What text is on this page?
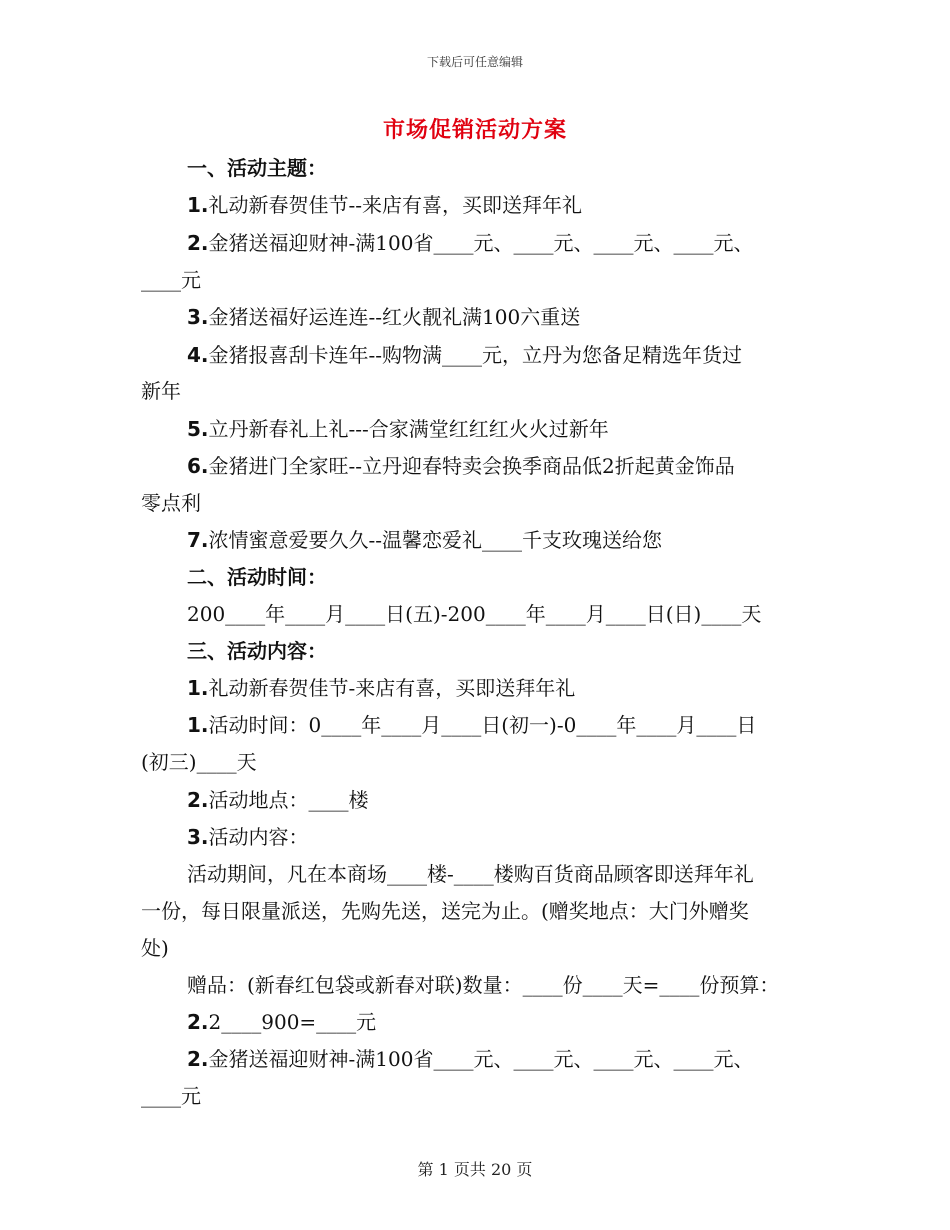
下载后可任意编辑
市场促销活动方案
一、活动主题：
1.礼动新春贺佳节--来店有喜，买即送拜年礼
2.金猪送福迎财神-满100省____元、____元、____元、____元、
____元
3.金猪送福好运连连--红火靓礼满100六重送
4.金猪报喜刮卡连年--购物满____元，立丹为您备足精选年货过
新年
5.立丹新春礼上礼---合家满堂红红红火火过新年
6.金猪进门全家旺--立丹迎春特卖会换季商品低2折起黄金饰品
零点利
7.浓情蜜意爱要久久--温馨恋爱礼____千支玫瑰送给您
二、活动时间：
200____年____月____日(五)-200____年____月____日(日)____天
三、活动内容：
1.礼动新春贺佳节-来店有喜，买即送拜年礼
1.活动时间：0____年____月____日(初一)-0____年____月____日
(初三)____天
2.活动地点：____楼
3.活动内容：
活动期间，凡在本商场____楼-____楼购百货商品顾客即送拜年礼
一份，每日限量派送，先购先送，送完为止。(赠奖地点：大门外赠奖
处)
赠品：(新春红包袋或新春对联)数量：____份____天=____份预算：
2.2____900=____元
2.金猪送福迎财神-满100省____元、____元、____元、____元、
____元
第 1 页共 20 页
